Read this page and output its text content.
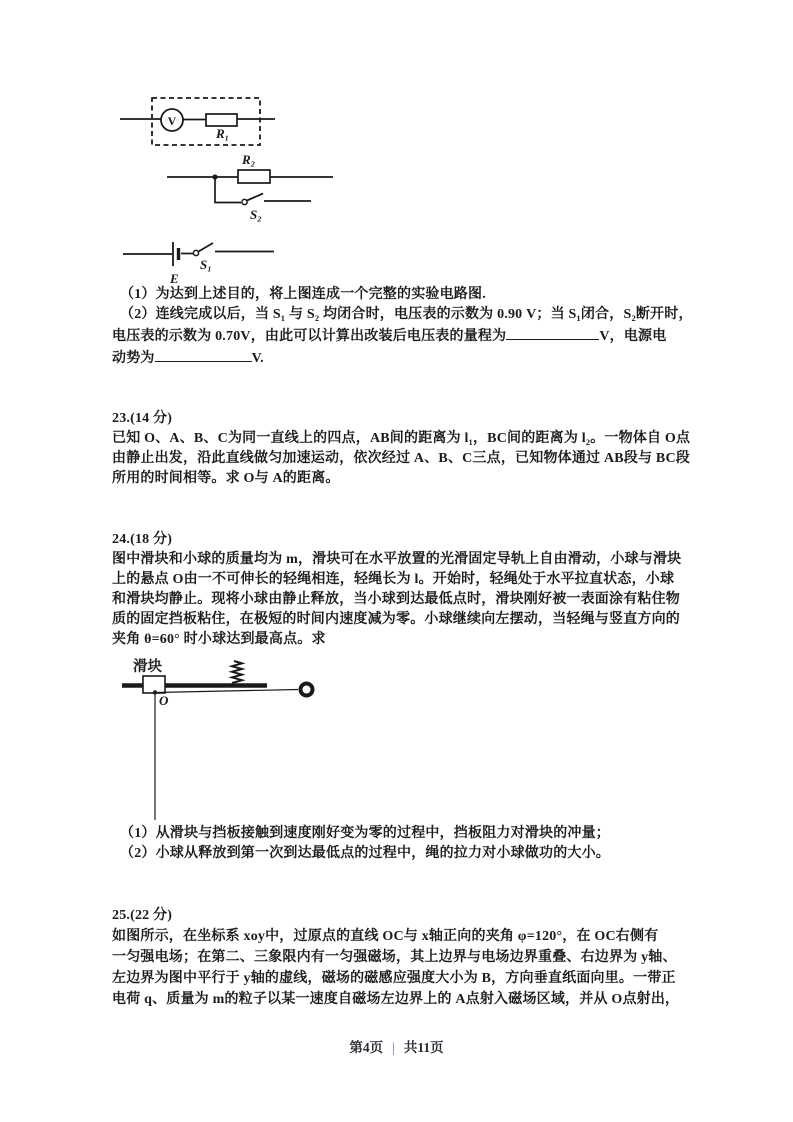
V
R₁
R₂
S₂
S₁
E
（1）为达到上述目的，将上图连成一个完整的实验电路图.
（2）连线完成以后，当 S₁ 与 S₂ 均闭合时，电压表的示数为 0.90 V；当 S₁闭合，S₂断开时，
电压表的示数为 0.70V，由此可以计算出改装后电压表的量程为	V，电源电
动势为	V.
23.(14 分)
已知 O、A、B、C为同一直线上的四点，AB间的距离为 l₁，BC间的距离为 l₂。一物体自 O点
由静止出发，沿此直线做匀加速运动，依次经过 A、B、C三点，已知物体通过 AB段与 BC段
所用的时间相等。求 O与 A的距离。
24.(18 分)
图中滑块和小球的质量均为 m，滑块可在水平放置的光滑固定导轨上自由滑动，小球与滑块
上的悬点 O由一不可伸长的轻绳相连，轻绳长为 l。开始时，轻绳处于水平拉直状态，小球
和滑块均静止。现将小球由静止释放，当小球到达最低点时，滑块刚好被一表面涂有粘住物
质的固定挡板粘住，在极短的时间内速度减为零。小球继续向左摆动，当轻绳与竖直方向的
夹角 θ=60° 时小球达到最高点。求
滑块
O
（1）从滑块与挡板接触到速度刚好变为零的过程中，挡板阻力对滑块的冲量；
（2）小球从释放到第一次到达最低点的过程中，绳的拉力对小球做功的大小。
25.(22 分)
如图所示，在坐标系 xoy中，过原点的直线 OC与 x轴正向的夹角 φ=120°，在 OC右侧有
一匀强电场；在第二、三象限内有一匀强磁场，其上边界与电场边界重叠、右边界为 y轴、
左边界为图中平行于 y轴的虚线，磁场的磁感应强度大小为 B，方向垂直纸面向里。一带正
电荷 q、质量为 m的粒子以某一速度自磁场左边界上的 A点射入磁场区域，并从 O点射出，
第4页 | 共11页
